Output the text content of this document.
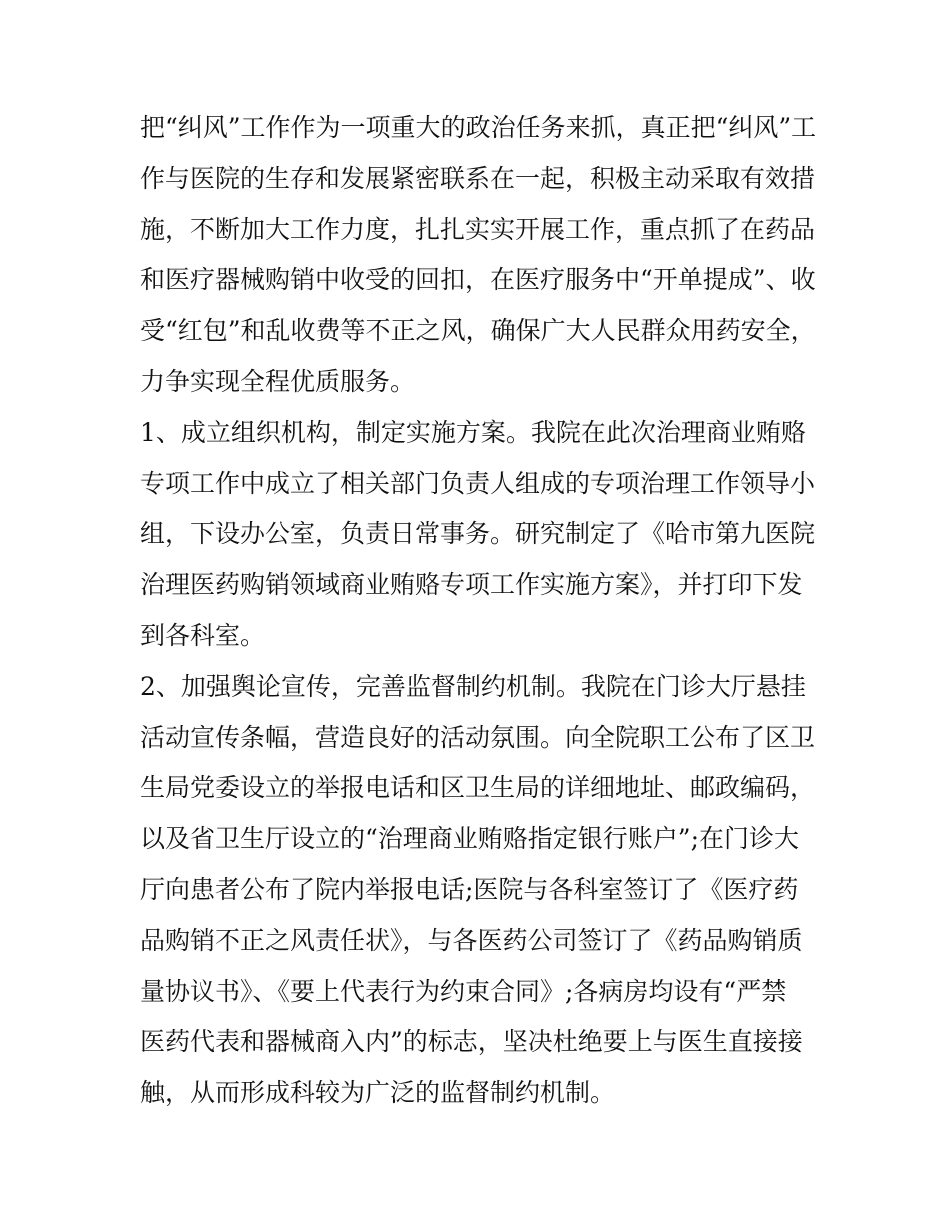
把“纠风”工作作为一项重大的政治任务来抓，真正把“纠风”工
作与医院的生存和发展紧密联系在一起，积极主动采取有效措
施，不断加大工作力度，扎扎实实开展工作，重点抓了在药品
和医疗器械购销中收受的回扣，在医疗服务中“开单提成”、收
受“红包”和乱收费等不正之风，确保广大人民群众用药安全，
力争实现全程优质服务。

1、成立组织机构，制定实施方案。我院在此次治理商业贿赂
专项工作中成立了相关部门负责人组成的专项治理工作领导小
组，下设办公室，负责日常事务。研究制定了《哈市第九医院
治理医药购销领域商业贿赂专项工作实施方案》，并打印下发
到各科室。

2、加强舆论宣传，完善监督制约机制。我院在门诊大厅悬挂
活动宣传条幅，营造良好的活动氛围。向全院职工公布了区卫
生局党委设立的举报电话和区卫生局的详细地址、邮政编码，
以及省卫生厅设立的“治理商业贿赂指定银行账户”;在门诊大
厅向患者公布了院内举报电话;医院与各科室签订了《医疗药
品购销不正之风责任状》，与各医药公司签订了《药品购销质
量协议书》、《要上代表行为约束合同》;各病房均设有“严禁
医药代表和器械商入内”的标志，坚决杜绝要上与医生直接接
触，从而形成科较为广泛的监督制约机制。
